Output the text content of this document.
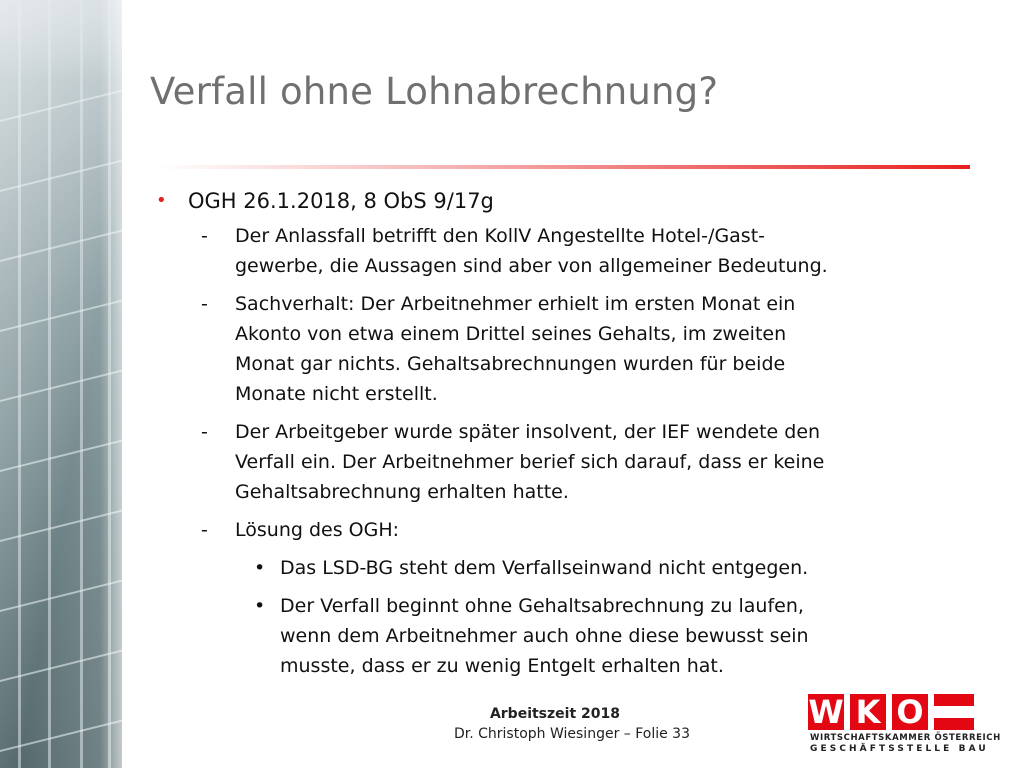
Verfall ohne Lohnabrechnung?
• OGH 26.1.2018, 8 ObS 9/17g
- Der Anlassfall betrifft den KollV Angestellte Hotel-/Gast-
gewerbe, die Aussagen sind aber von allgemeiner Bedeutung.
- Sachverhalt: Der Arbeitnehmer erhielt im ersten Monat ein
Akonto von etwa einem Drittel seines Gehalts, im zweiten
Monat gar nichts. Gehaltsabrechnungen wurden für beide
Monate nicht erstellt.
- Der Arbeitgeber wurde später insolvent, der IEF wendete den
Verfall ein. Der Arbeitnehmer berief sich darauf, dass er keine
Gehaltsabrechnung erhalten hatte.
- Lösung des OGH:
• Das LSD-BG steht dem Verfallseinwand nicht entgegen.
• Der Verfall beginnt ohne Gehaltsabrechnung zu laufen,
wenn dem Arbeitnehmer auch ohne diese bewusst sein
musste, dass er zu wenig Entgelt erhalten hat.
Arbeitszeit 2018
Dr. Christoph Wiesinger – Folie 33
W K O
WIRTSCHAFTSKAMMER ÖSTERREICH
GESCHÄFTSSTELLE BAU
